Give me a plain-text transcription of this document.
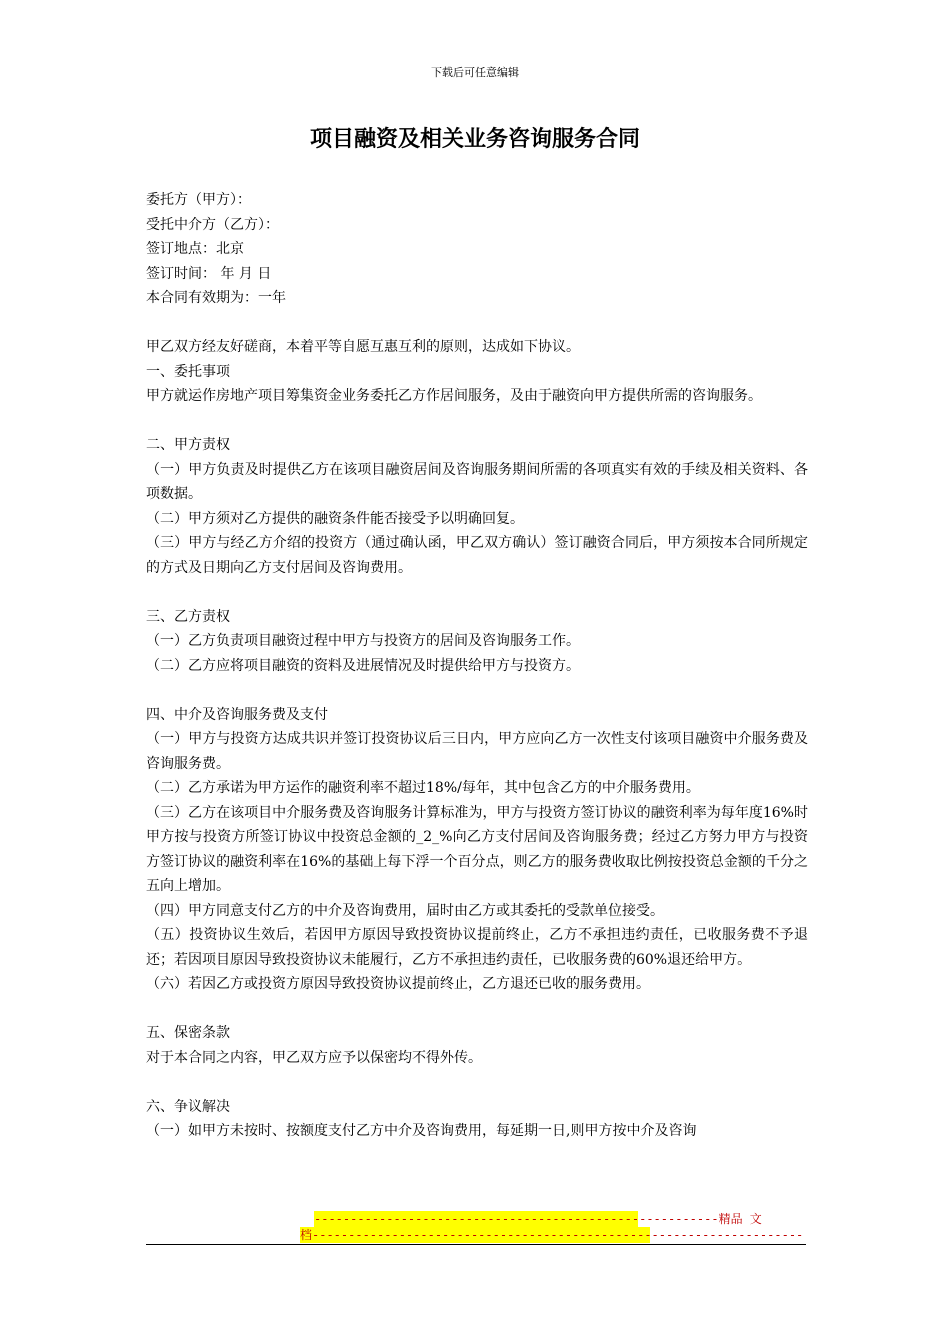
下载后可任意编辑
项目融资及相关业务咨询服务合同

委托方（甲方）：

受托中介方（乙方）：

签订地点：北京

签订时间： 年 月 日

本合同有效期为：一年

甲乙双方经友好磋商，本着平等自愿互惠互利的原则，达成如下协议。

一、委托事项

甲方就运作房地产项目筹集资金业务委托乙方作居间服务，及由于融资向甲方提供所需的咨询服务。

二、甲方责权

（一）甲方负责及时提供乙方在该项目融资居间及咨询服务期间所需的各项真实有效的手续及相关资料、各项数据。

（二）甲方须对乙方提供的融资条件能否接受予以明确回复。

（三）甲方与经乙方介绍的投资方（通过确认函，甲乙双方确认）签订融资合同后，甲方须按本合同所规定的方式及日期向乙方支付居间及咨询费用。

三、乙方责权

（一）乙方负责项目融资过程中甲方与投资方的居间及咨询服务工作。

（二）乙方应将项目融资的资料及进展情况及时提供给甲方与投资方。

四、中介及咨询服务费及支付

（一）甲方与投资方达成共识并签订投资协议后三日内，甲方应向乙方一次性支付该项目融资中介服务费及咨询服务费。

（二）乙方承诺为甲方运作的融资利率不超过18%/每年，其中包含乙方的中介服务费用。

（三）乙方在该项目中介服务费及咨询服务计算标准为，甲方与投资方签订协议的融资利率为每年度16%时甲方按与投资方所签订协议中投资总金额的_2_%向乙方支付居间及咨询服务费；经过乙方努力甲方与投资方签订协议的融资利率在16%的基础上每下浮一个百分点，则乙方的服务费收取比例按投资总金额的千分之五向上增加。

（四）甲方同意支付乙方的中介及咨询费用，届时由乙方或其委托的受款单位接受。

（五）投资协议生效后，若因甲方原因导致投资协议提前终止，乙方不承担违约责任，已收服务费不予退还；若因项目原因导致投资协议未能履行，乙方不承担违约责任，已收服务费的60%退还给甲方。

（六）若因乙方或投资方原因导致投资协议提前终止，乙方退还已收的服务费用。

五、保密条款

对于本合同之内容，甲乙双方应予以保密均不得外传。

六、争议解决

（一）如甲方未按时、按额度支付乙方中介及咨询费用，每延期一日,则甲方按中介及咨询

--------------------------------------------------------精品 文
档--------------------------------------------------------------------
